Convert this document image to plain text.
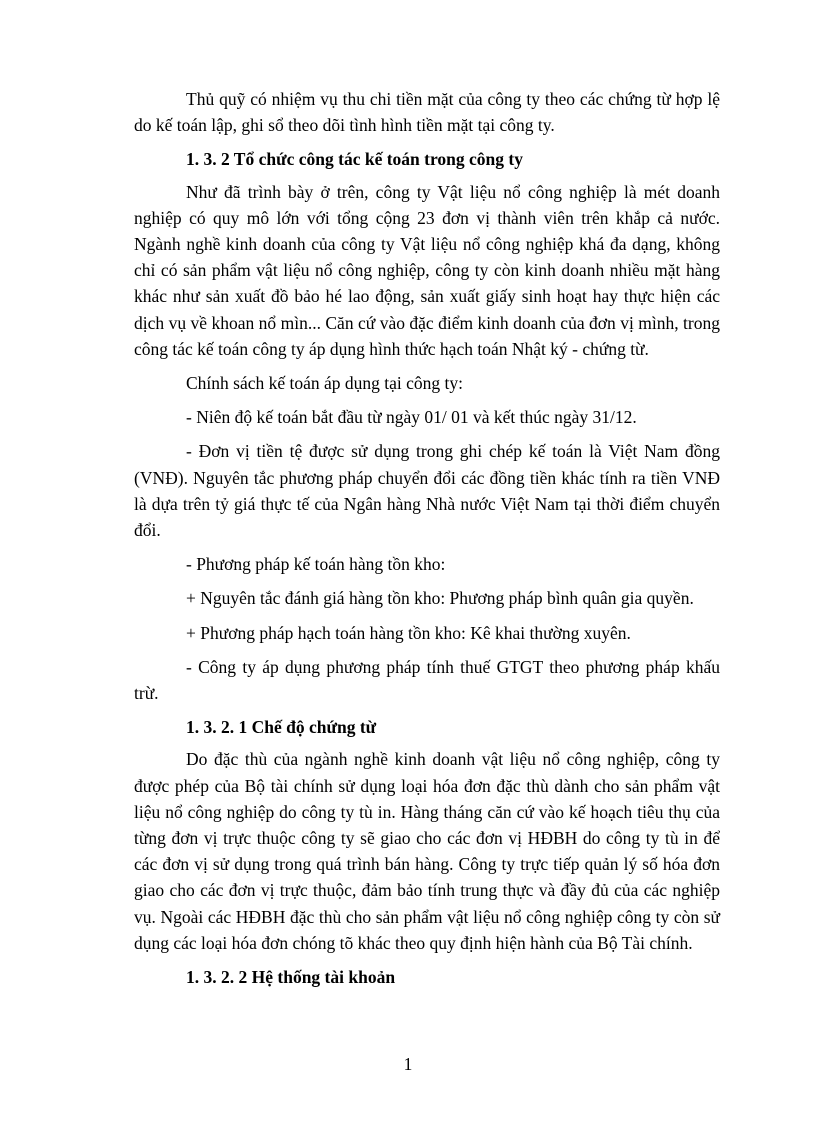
Thủ quỹ có nhiệm vụ thu chi tiền mặt của công ty theo các chứng từ hợp lệ do kế toán lập, ghi sổ theo dõi tình hình tiền mặt tại công ty.

1. 3. 2 Tổ chức công tác kế toán trong công ty

Như đã trình bày ở trên, công ty Vật liệu nổ công nghiệp là mét doanh nghiệp có quy mô lớn với tổng cộng 23 đơn vị thành viên trên khắp cả nước. Ngành nghề kinh doanh của công ty Vật liệu nổ công nghiệp khá đa dạng, không chỉ có sản phẩm vật liệu nổ công nghiệp, công ty còn kinh doanh nhiều mặt hàng khác như sản xuất đồ bảo hé lao động, sản xuất giấy sinh hoạt hay thực hiện các dịch vụ về khoan nổ mìn... Căn cứ vào đặc điểm kinh doanh của đơn vị mình, trong công tác kế toán công ty áp dụng hình thức hạch toán Nhật ký - chứng từ.

Chính sách kế toán áp dụng tại công ty:

- Niên độ kế toán bắt đầu từ ngày 01/ 01 và kết thúc ngày 31/12.

- Đơn vị tiền tệ được sử dụng trong ghi chép kế toán là Việt Nam đồng (VNĐ). Nguyên tắc phương pháp chuyển đổi các đồng tiền khác tính ra tiền VNĐ là dựa trên tỷ giá thực tế của Ngân hàng Nhà nước Việt Nam tại thời điểm chuyển đổi.

- Phương pháp kế toán hàng tồn kho:

+ Nguyên tắc đánh giá hàng tồn kho: Phương pháp bình quân gia quyền.

+ Phương pháp hạch toán hàng tồn kho: Kê khai thường xuyên.

- Công ty áp dụng phương pháp tính thuế GTGT theo phương pháp khấu trừ.

1. 3. 2. 1 Chế độ chứng từ

Do đặc thù của ngành nghề kinh doanh vật liệu nổ công nghiệp, công ty được phép của Bộ tài chính sử dụng loại hóa đơn đặc thù dành cho sản phẩm vật liệu nổ công nghiệp do công ty tù in. Hàng tháng căn cứ vào kế hoạch tiêu thụ của từng đơn vị trực thuộc công ty sẽ giao cho các đơn vị HĐBH do công ty tù in để các đơn vị sử dụng trong quá trình bán hàng. Công ty trực tiếp quản lý số hóa đơn giao cho các đơn vị trực thuộc, đảm bảo tính trung thực và đầy đủ của các nghiệp vụ. Ngoài các HĐBH đặc thù cho sản phẩm vật liệu nổ công nghiệp công ty còn sử dụng các loại hóa đơn chóng tõ khác theo quy định hiện hành của Bộ Tài chính.

1. 3. 2. 2 Hệ thống tài khoản

1
